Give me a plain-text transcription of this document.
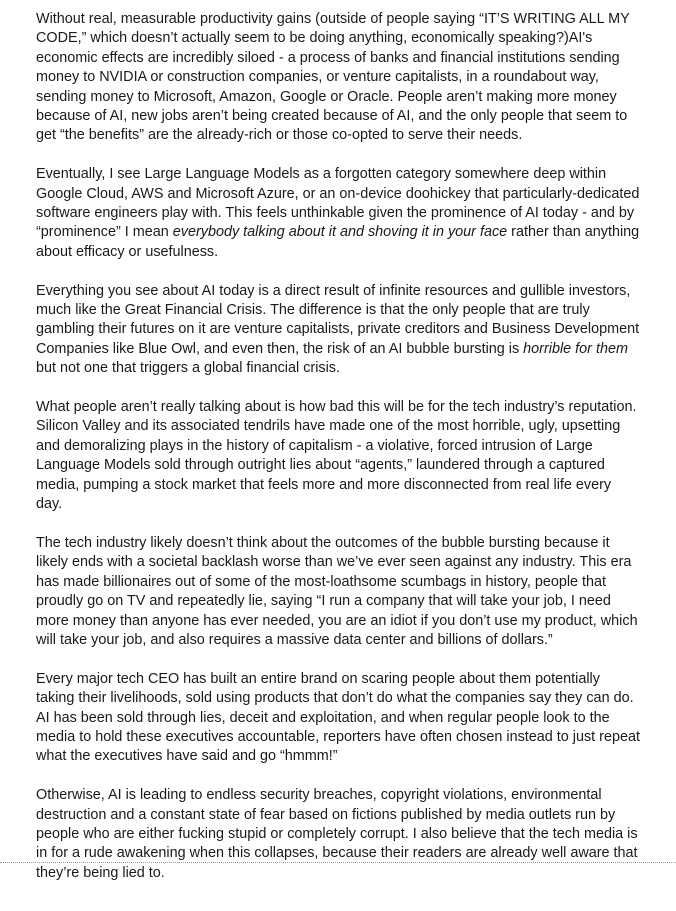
Without real, measurable productivity gains (outside of people saying “IT’S WRITING ALL MY CODE,” which doesn’t actually seem to be doing anything, economically speaking?)AI's economic effects are incredibly siloed - a process of banks and financial institutions sending money to NVIDIA or construction companies, or venture capitalists, in a roundabout way, sending money to Microsoft, Amazon, Google or Oracle. People aren’t making more money because of AI, new jobs aren’t being created because of AI, and the only people that seem to get “the benefits” are the already-rich or those co-opted to serve their needs.

Eventually, I see Large Language Models as a forgotten category somewhere deep within Google Cloud, AWS and Microsoft Azure, or an on-device doohickey that particularly-dedicated software engineers play with. This feels unthinkable given the prominence of AI today - and by “prominence” I mean everybody talking about it and shoving it in your face rather than anything about efficacy or usefulness.

Everything you see about AI today is a direct result of infinite resources and gullible investors, much like the Great Financial Crisis. The difference is that the only people that are truly gambling their futures on it are venture capitalists, private creditors and Business Development Companies like Blue Owl, and even then, the risk of an AI bubble bursting is horrible for them but not one that triggers a global financial crisis.

What people aren’t really talking about is how bad this will be for the tech industry’s reputation. Silicon Valley and its associated tendrils have made one of the most horrible, ugly, upsetting and demoralizing plays in the history of capitalism - a violative, forced intrusion of Large Language Models sold through outright lies about “agents,” laundered through a captured media, pumping a stock market that feels more and more disconnected from real life every day.

The tech industry likely doesn’t think about the outcomes of the bubble bursting because it likely ends with a societal backlash worse than we’ve ever seen against any industry. This era has made billionaires out of some of the most-loathsome scumbags in history, people that proudly go on TV and repeatedly lie, saying “I run a company that will take your job, I need more money than anyone has ever needed, you are an idiot if you don’t use my product, which will take your job, and also requires a massive data center and billions of dollars.”

Every major tech CEO has built an entire brand on scaring people about them potentially taking their livelihoods, sold using products that don’t do what the companies say they can do. AI has been sold through lies, deceit and exploitation, and when regular people look to the media to hold these executives accountable, reporters have often chosen instead to just repeat what the executives have said and go “hmmm!”

Otherwise, AI is leading to endless security breaches, copyright violations, environmental destruction and a constant state of fear based on fictions published by media outlets run by people who are either fucking stupid or completely corrupt. I also believe that the tech media is in for a rude awakening when this collapses, because their readers are already well aware that they’re being lied to.
